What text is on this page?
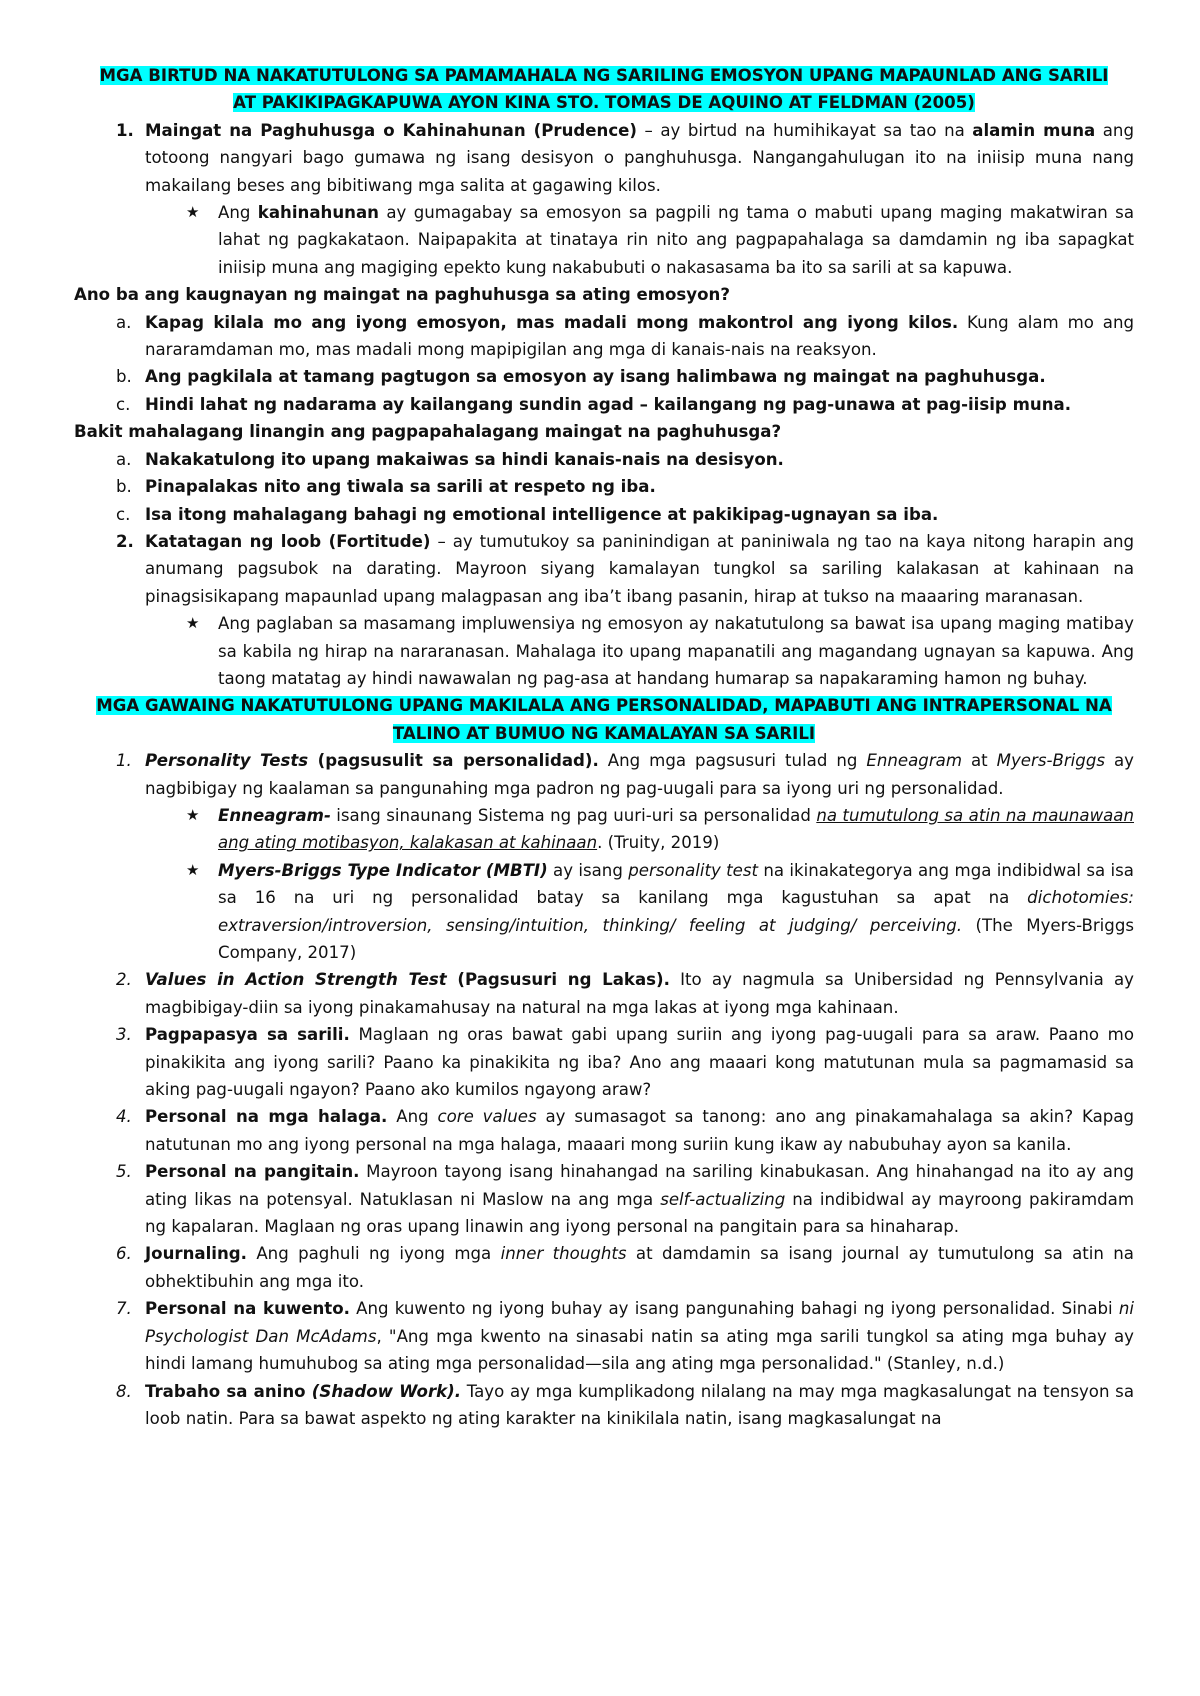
MGA BIRTUD NA NAKATUTULONG SA PAMAMAHALA NG SARILING EMOSYON UPANG MAPAUNLAD ANG SARILI
AT PAKIKIPAGKAPUWA AYON KINA STO. TOMAS DE AQUINO AT FELDMAN (2005)

1. Maingat na Paghuhusga o Kahinahunan (Prudence) – ay birtud na humihikayat sa tao na alamin muna ang totoong nangyari bago gumawa ng isang desisyon o panghuhusga. Nangangahulugan ito na iniisip muna nang makailang beses ang bibitiwang mga salita at gagawing kilos.
★ Ang kahinahunan ay gumagabay sa emosyon sa pagpili ng tama o mabuti upang maging makatwiran sa lahat ng pagkakataon. Naipapakita at tinataya rin nito ang pagpapahalaga sa damdamin ng iba sapagkat iniisip muna ang magiging epekto kung nakabubuti o nakasasama ba ito sa sarili at sa kapuwa.

Ano ba ang kaugnayan ng maingat na paghuhusga sa ating emosyon?

a. Kapag kilala mo ang iyong emosyon, mas madali mong makontrol ang iyong kilos. Kung alam mo ang nararamdaman mo, mas madali mong mapipigilan ang mga di kanais-nais na reaksyon.
b. Ang pagkilala at tamang pagtugon sa emosyon ay isang halimbawa ng maingat na paghuhusga.
c. Hindi lahat ng nadarama ay kailangang sundin agad – kailangang ng pag-unawa at pag-iisip muna.

Bakit mahalagang linangin ang pagpapahalagang maingat na paghuhusga?

a. Nakakatulong ito upang makaiwas sa hindi kanais-nais na desisyon.
b. Pinapalakas nito ang tiwala sa sarili at respeto ng iba.
c. Isa itong mahalagang bahagi ng emotional intelligence at pakikipag-ugnayan sa iba.
2. Katatagan ng loob (Fortitude) – ay tumutukoy sa paninindigan at paniniwala ng tao na kaya nitong harapin ang anumang pagsubok na darating. Mayroon siyang kamalayan tungkol sa sariling kalakasan at kahinaan na pinagsisikapang mapaunlad upang malagpasan ang iba’t ibang pasanin, hirap at tukso na maaaring maranasan.
★ Ang paglaban sa masamang impluwensiya ng emosyon ay nakatutulong sa bawat isa upang maging matibay sa kabila ng hirap na nararanasan. Mahalaga ito upang mapanatili ang magandang ugnayan sa kapuwa. Ang taong matatag ay hindi nawawalan ng pag-asa at handang humarap sa napakaraming hamon ng buhay.

MGA GAWAING NAKATUTULONG UPANG MAKILALA ANG PERSONALIDAD, MAPABUTI ANG INTRAPERSONAL NA
TALINO AT BUMUO NG KAMALAYAN SA SARILI

1. Personality Tests (pagsusulit sa personalidad). Ang mga pagsusuri tulad ng Enneagram at Myers-Briggs ay nagbibigay ng kaalaman sa pangunahing mga padron ng pag-uugali para sa iyong uri ng personalidad.
★ Enneagram- isang sinaunang Sistema ng pag uuri-uri sa personalidad na tumutulong sa atin na maunawaan ang ating motibasyon, kalakasan at kahinaan. (Truity, 2019)
★ Myers-Briggs Type Indicator (MBTI) ay isang personality test na ikinakategorya ang mga indibidwal sa isa sa 16 na uri ng personalidad batay sa kanilang mga kagustuhan sa apat na dichotomies: extraversion/introversion, sensing/intuition, thinking/ feeling at judging/ perceiving. (The Myers-Briggs Company, 2017)
2. Values in Action Strength Test (Pagsusuri ng Lakas). Ito ay nagmula sa Unibersidad ng Pennsylvania ay magbibigay-diin sa iyong pinakamahusay na natural na mga lakas at iyong mga kahinaan.
3. Pagpapasya sa sarili. Maglaan ng oras bawat gabi upang suriin ang iyong pag-uugali para sa araw. Paano mo pinakikita ang iyong sarili? Paano ka pinakikita ng iba? Ano ang maaari kong matutunan mula sa pagmamasid sa aking pag-uugali ngayon? Paano ako kumilos ngayong araw?
4. Personal na mga halaga. Ang core values ay sumasagot sa tanong: ano ang pinakamahalaga sa akin? Kapag natutunan mo ang iyong personal na mga halaga, maaari mong suriin kung ikaw ay nabubuhay ayon sa kanila.
5. Personal na pangitain. Mayroon tayong isang hinahangad na sariling kinabukasan. Ang hinahangad na ito ay ang ating likas na potensyal. Natuklasan ni Maslow na ang mga self-actualizing na indibidwal ay mayroong pakiramdam ng kapalaran. Maglaan ng oras upang linawin ang iyong personal na pangitain para sa hinaharap.
6. Journaling. Ang paghuli ng iyong mga inner thoughts at damdamin sa isang journal ay tumutulong sa atin na obhektibuhin ang mga ito.
7. Personal na kuwento. Ang kuwento ng iyong buhay ay isang pangunahing bahagi ng iyong personalidad. Sinabi ni Psychologist Dan McAdams, "Ang mga kwento na sinasabi natin sa ating mga sarili tungkol sa ating mga buhay ay hindi lamang humuhubog sa ating mga personalidad—sila ang ating mga personalidad." (Stanley, n.d.)
8. Trabaho sa anino (Shadow Work). Tayo ay mga kumplikadong nilalang na may mga magkasalungat na tensyon sa loob natin. Para sa bawat aspekto ng ating karakter na kinikilala natin, isang magkasalungat na
